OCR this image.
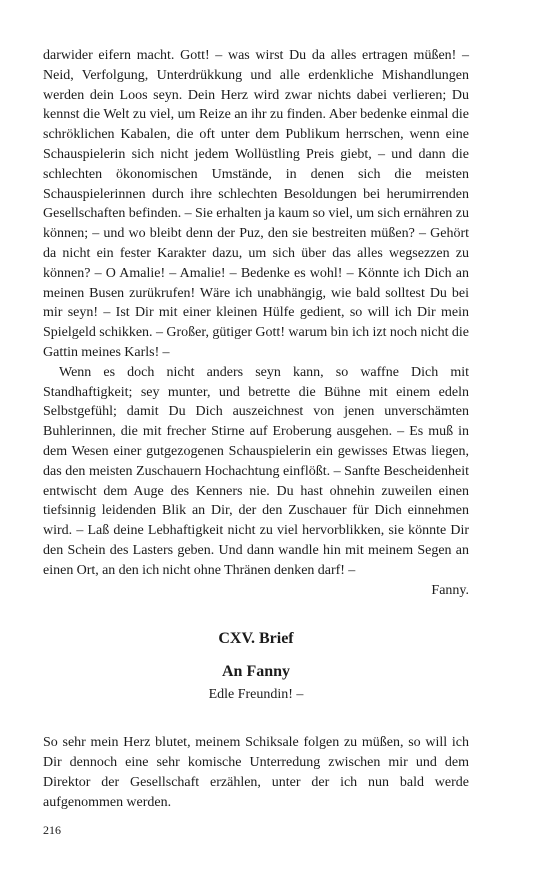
darwider eifern macht. Gott! – was wirst Du da alles ertragen müßen! – Neid, Verfolgung, Unterdrükkung und alle erdenkliche Mishandlungen werden dein Loos seyn. Dein Herz wird zwar nichts dabei verlieren; Du kennst die Welt zu viel, um Reize an ihr zu finden. Aber bedenke einmal die schröklichen Kabalen, die oft unter dem Publikum herrschen, wenn eine Schauspielerin sich nicht jedem Wollüstling Preis giebt, – und dann die schlechten ökonomischen Umstände, in denen sich die meisten Schauspielerinnen durch ihre schlechten Besoldungen bei herumirrenden Gesellschaften befinden. – Sie erhalten ja kaum so viel, um sich ernähren zu können; – und wo bleibt denn der Puz, den sie bestreiten müßen? – Gehört da nicht ein fester Karakter dazu, um sich über das alles wegsezzen zu können? – O Amalie! – Amalie! – Bedenke es wohl! – Könnte ich Dich an meinen Busen zurükrufen! Wäre ich unabhängig, wie bald solltest Du bei mir seyn! – Ist Dir mit einer kleinen Hülfe gedient, so will ich Dir mein Spielgeld schikken. – Großer, gütiger Gott! warum bin ich izt noch nicht die Gattin meines Karls! –

Wenn es doch nicht anders seyn kann, so waffne Dich mit Standhaftigkeit; sey munter, und betrette die Bühne mit einem edeln Selbstgefühl; damit Du Dich auszeichnest von jenen unverschämten Buhlerinnen, die mit frecher Stirne auf Eroberung ausgehen. – Es muß in dem Wesen einer gutgezogenen Schauspielerin ein gewisses Etwas liegen, das den meisten Zuschauern Hochachtung einflößt. – Sanfte Bescheidenheit entwischt dem Auge des Kenners nie. Du hast ohnehin zuweilen einen tiefsinnig leidenden Blik an Dir, der den Zuschauer für Dich einnehmen wird. – Laß deine Lebhaftigkeit nicht zu viel hervorblikken, sie könnte Dir den Schein des Lasters geben. Und dann wandle hin mit meinem Segen an einen Ort, an den ich nicht ohne Thränen denken darf! –

Fanny.

CXV. Brief
An Fanny

Edle Freundin! –

So sehr mein Herz blutet, meinem Schiksale folgen zu müßen, so will ich Dir dennoch eine sehr komische Unterredung zwischen mir und dem Direktor der Gesellschaft erzählen, unter der ich nun bald werde aufgenommen werden.

216
